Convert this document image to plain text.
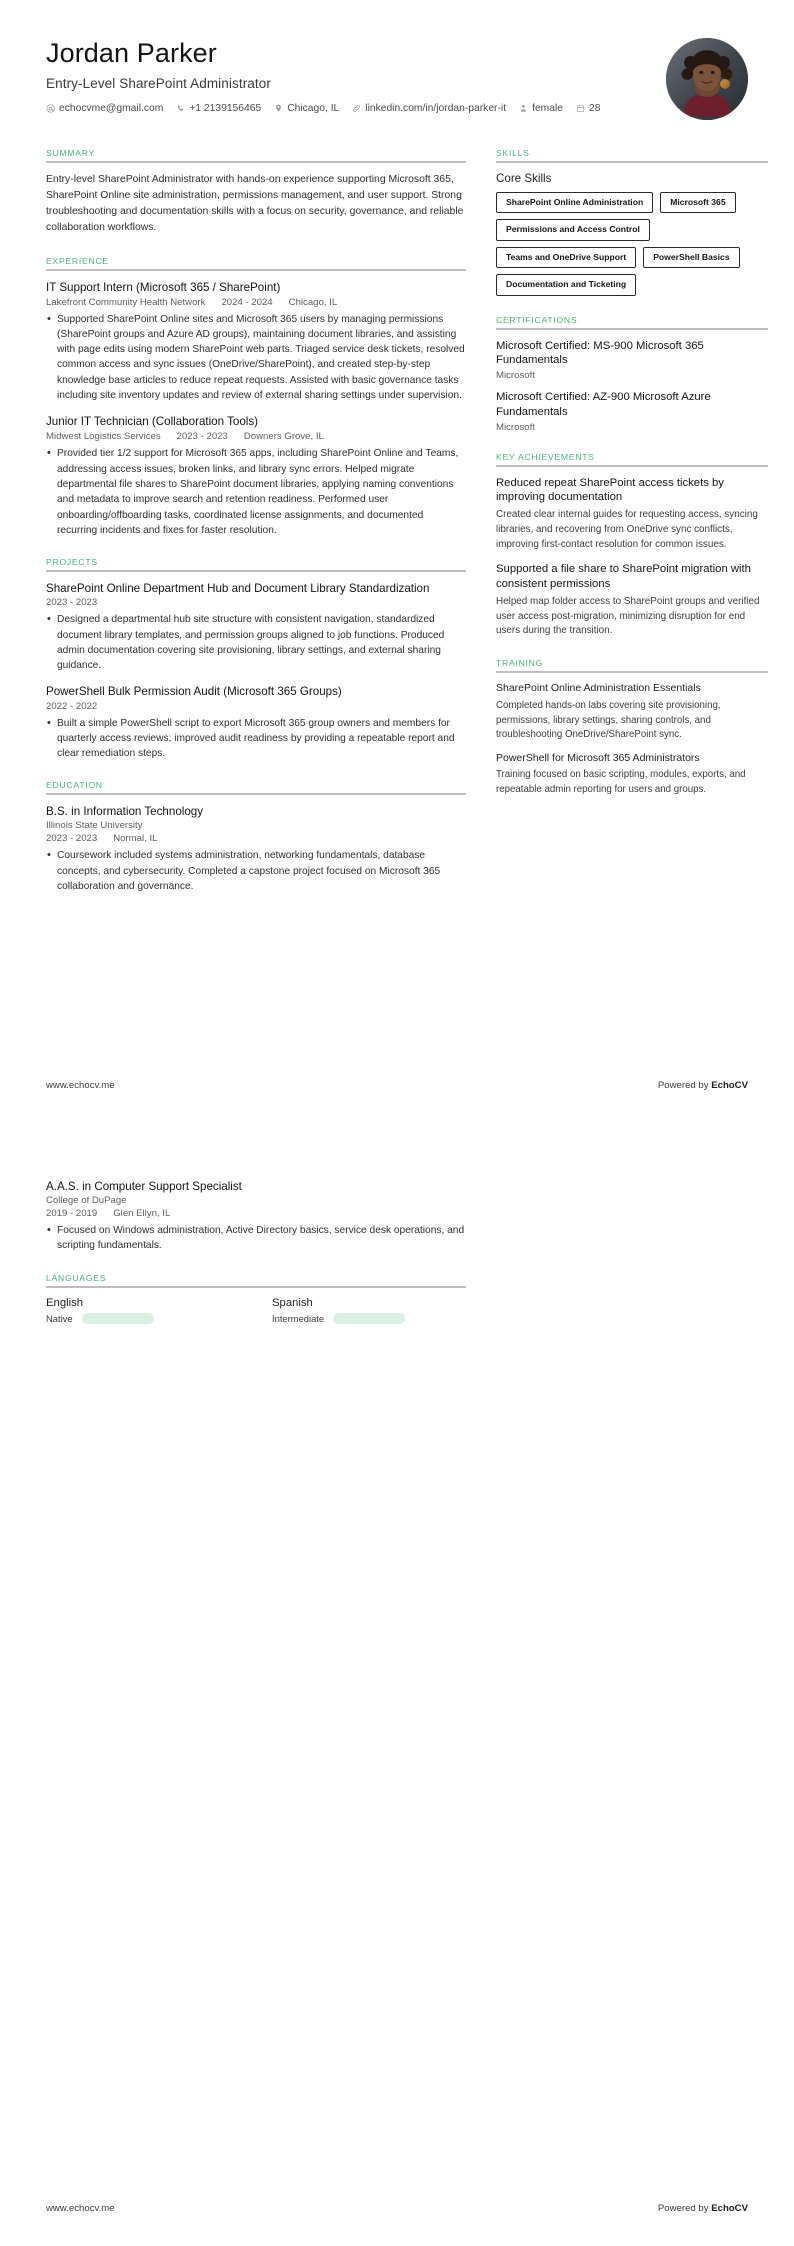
Jordan Parker
Entry-Level SharePoint Administrator
echocvme@gmail.com	+1 2139156465	Chicago, IL	linkedin.com/in/jordan-parker-it	female	28
SUMMARY
Entry-level SharePoint Administrator with hands-on experience supporting Microsoft 365, SharePoint Online site administration, permissions management, and user support. Strong troubleshooting and documentation skills with a focus on security, governance, and reliable collaboration workflows.
EXPERIENCE
IT Support Intern (Microsoft 365 / SharePoint)
Lakefront Community Health Network 2024 - 2024 Chicago, IL
• Supported SharePoint Online sites and Microsoft 365 users by managing permissions (SharePoint groups and Azure AD groups), maintaining document libraries, and assisting with page edits using modern SharePoint web parts. Triaged service desk tickets, resolved common access and sync issues (OneDrive/SharePoint), and created step-by-step knowledge base articles to reduce repeat requests. Assisted with basic governance tasks including site inventory updates and review of external sharing settings under supervision.
Junior IT Technician (Collaboration Tools)
Midwest Logistics Services 2023 - 2023 Downers Grove, IL
• Provided tier 1/2 support for Microsoft 365 apps, including SharePoint Online and Teams, addressing access issues, broken links, and library sync errors. Helped migrate departmental file shares to SharePoint document libraries, applying naming conventions and metadata to improve search and retention readiness. Performed user onboarding/offboarding tasks, coordinated license assignments, and documented recurring incidents and fixes for faster resolution.
PROJECTS
SharePoint Online Department Hub and Document Library Standardization
2023 - 2023
• Designed a departmental hub site structure with consistent navigation, standardized document library templates, and permission groups aligned to job functions. Produced admin documentation covering site provisioning, library settings, and external sharing guidance.
PowerShell Bulk Permission Audit (Microsoft 365 Groups)
2022 - 2022
• Built a simple PowerShell script to export Microsoft 365 group owners and members for quarterly access reviews; improved audit readiness by providing a repeatable report and clear remediation steps.
EDUCATION
B.S. in Information Technology
Illinois State University
2023 - 2023 Normal, IL
• Coursework included systems administration, networking fundamentals, database concepts, and cybersecurity. Completed a capstone project focused on Microsoft 365 collaboration and governance.
SKILLS
Core Skills
SharePoint Online Administration	Microsoft 365
Permissions and Access Control
Teams and OneDrive Support	PowerShell Basics
Documentation and Ticketing
CERTIFICATIONS
Microsoft Certified: MS-900 Microsoft 365 Fundamentals
Microsoft
Microsoft Certified: AZ-900 Microsoft Azure Fundamentals
Microsoft
KEY ACHIEVEMENTS
Reduced repeat SharePoint access tickets by improving documentation
Created clear internal guides for requesting access, syncing libraries, and recovering from OneDrive sync conflicts, improving first-contact resolution for common issues.
Supported a file share to SharePoint migration with consistent permissions
Helped map folder access to SharePoint groups and verified user access post-migration, minimizing disruption for end users during the transition.
TRAINING
SharePoint Online Administration Essentials
Completed hands-on labs covering site provisioning, permissions, library settings, sharing controls, and troubleshooting OneDrive/SharePoint sync.
PowerShell for Microsoft 365 Administrators
Training focused on basic scripting, modules, exports, and repeatable admin reporting for users and groups.
www.echocv.me	Powered by EchoCV
A.A.S. in Computer Support Specialist
College of DuPage
2019 - 2019 Glen Ellyn, IL
• Focused on Windows administration, Active Directory basics, service desk operations, and scripting fundamentals.
LANGUAGES
English
Native
Spanish
Intermediate
www.echocv.me	Powered by EchoCV
